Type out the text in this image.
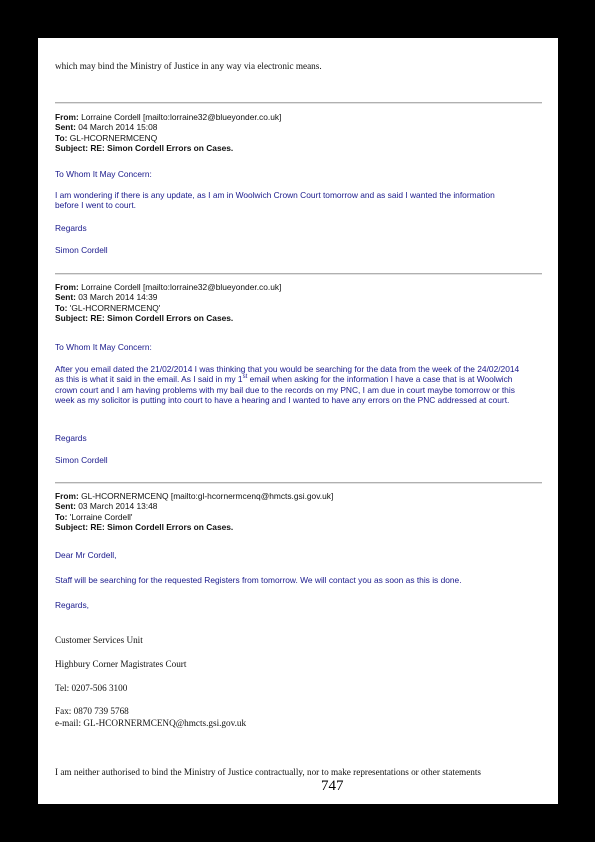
which may bind the Ministry of Justice in any way via electronic means.
From: Lorraine Cordell [mailto:lorraine32@blueyonder.co.uk]
Sent: 04 March 2014 15:08
To: GL-HCORNERMCENQ
Subject: RE: Simon Cordell Errors on Cases.
To Whom It May Concern:
I am wondering if there is any update, as I am in Woolwich Crown Court tomorrow and as said I wanted the information before I went to court.
Regards
Simon Cordell
From: Lorraine Cordell [mailto:lorraine32@blueyonder.co.uk]
Sent: 03 March 2014 14:39
To: 'GL-HCORNERMCENQ'
Subject: RE: Simon Cordell Errors on Cases.
To Whom It May Concern:
After you email dated the 21/02/2014 I was thinking that you would be searching for the data from the week of the 24/02/2014 as this is what it said in the email. As I said in my 1st email when asking for the information I have a case that is at Woolwich crown court and I am having problems with my bail due to the records on my PNC, I am due in court maybe tomorrow or this week as my solicitor is putting into court to have a hearing and I wanted to have any errors on the PNC addressed at court.
Regards
Simon Cordell
From: GL-HCORNERMCENQ [mailto:gl-hcornermcenq@hmcts.gsi.gov.uk]
Sent: 03 March 2014 13:48
To: 'Lorraine Cordell'
Subject: RE: Simon Cordell Errors on Cases.
Dear Mr Cordell,
Staff will be searching for the requested Registers from tomorrow. We will contact you as soon as this is done.
Regards,
Customer Services Unit
Highbury Corner Magistrates Court
Tel: 0207-506 3100
Fax: 0870 739 5768
e-mail: GL-HCORNERMCENQ@hmcts.gsi.gov.uk
I am neither authorised to bind the Ministry of Justice contractually, nor to make representations or other statements
747
